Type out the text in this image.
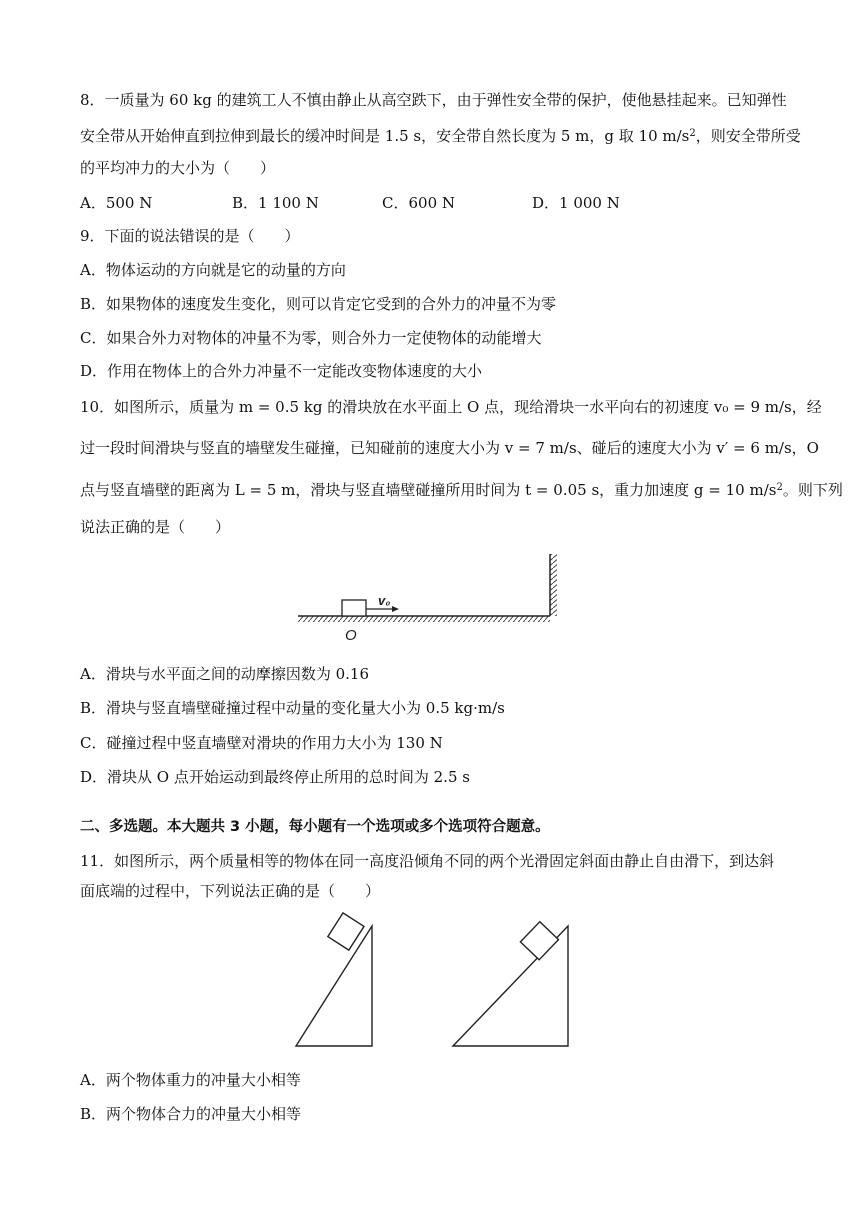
8．一质量为 60 kg 的建筑工人不慎由静止从高空跌下，由于弹性安全带的保护，使他悬挂起来。已知弹性
安全带从开始伸直到拉伸到最长的缓冲时间是 1.5 s，安全带自然长度为 5 m，g 取 10 $m/s^2$，则安全带所受
的平均冲力的大小为（　　）
A．500 N	B．1 100 N	C．600 N	D．1 000 N
9．下面的说法错误的是（　　）
A．物体运动的方向就是它的动量的方向
B．如果物体的速度发生变化，则可以肯定它受到的合外力的冲量不为零
C．如果合外力对物体的冲量不为零，则合外力一定使物体的动能增大
D．作用在物体上的合外力冲量不一定能改变物体速度的大小
10．如图所示，质量为 m = 0.5 kg 的滑块放在水平面上 O 点，现给滑块一水平向右的初速度 v₀ = 9 m/s，经
过一段时间滑块与竖直的墙壁发生碰撞，已知碰前的速度大小为 v = 7 m/s、碰后的速度大小为 v′ = 6 m/s，O
点与竖直墙壁的距离为 L = 5 m，滑块与竖直墙壁碰撞所用时间为 t = 0.05 s，重力加速度 g = 10 $m/s^2$。则下列
说法正确的是（　　）
v₀
O
A．滑块与水平面之间的动摩擦因数为 0.16
B．滑块与竖直墙壁碰撞过程中动量的变化量大小为 0.5 kg·m/s
C．碰撞过程中竖直墙壁对滑块的作用力大小为 130 N
D．滑块从 O 点开始运动到最终停止所用的总时间为 2.5 s
二、多选题。本大题共 3 小题，每小题有一个选项或多个选项符合题意。
11．如图所示，两个质量相等的物体在同一高度沿倾角不同的两个光滑固定斜面由静止自由滑下，到达斜
面底端的过程中，下列说法正确的是（　　）
A．两个物体重力的冲量大小相等
B．两个物体合力的冲量大小相等
